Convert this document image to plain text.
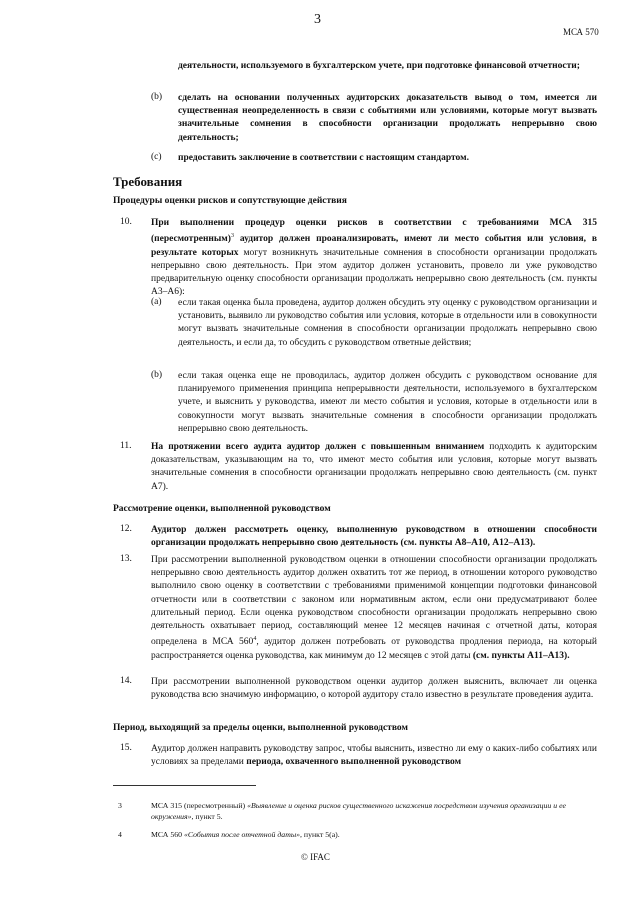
3
МСА 570
деятельности, используемого в бухгалтерском учете, при подготовке финансовой отчетности;
(b) сделать на основании полученных аудиторских доказательств вывод о том, имеется ли существенная неопределенность в связи с событиями или условиями, которые могут вызвать значительные сомнения в способности организации продолжать непрерывно свою деятельность;
(c) предоставить заключение в соответствии с настоящим стандартом.
Требования
Процедуры оценки рисков и сопутствующие действия
10. При выполнении процедур оценки рисков в соответствии с требованиями МСА 315 (пересмотренным)$^3$ аудитор должен проанализировать, имеют ли место события или условия, в результате которых могут возникнуть значительные сомнения в способности организации продолжать непрерывно свою деятельность. При этом аудитор должен установить, провело ли уже руководство предварительную оценку способности организации продолжать непрерывно свою деятельность (см. пункты А3–А6):
(a) если такая оценка была проведена, аудитор должен обсудить эту оценку с руководством организации и установить, выявило ли руководство события или условия, которые в отдельности или в совокупности могут вызвать значительные сомнения в способности организации продолжать непрерывно свою деятельность, и если да, то обсудить с руководством ответные действия;
(b) если такая оценка еще не проводилась, аудитор должен обсудить с руководством основание для планируемого применения принципа непрерывности деятельности, используемого в бухгалтерском учете, и выяснить у руководства, имеют ли место события и условия, которые в отдельности или в совокупности могут вызвать значительные сомнения в способности организации продолжать непрерывно свою деятельность.
11. На протяжении всего аудита аудитор должен с повышенным вниманием подходить к аудиторским доказательствам, указывающим на то, что имеют место события или условия, которые могут вызвать значительные сомнения в способности организации продолжать непрерывно свою деятельность (см. пункт А7).
Рассмотрение оценки, выполненной руководством
12. Аудитор должен рассмотреть оценку, выполненную руководством в отношении способности организации продолжать непрерывно свою деятельность (см. пункты А8–А10, А12–А13).
13. При рассмотрении выполненной руководством оценки в отношении способности организации продолжать непрерывно свою деятельность аудитор должен охватить тот же период, в отношении которого руководство выполнило свою оценку в соответствии с требованиями применимой концепции подготовки финансовой отчетности или в соответствии с законом или нормативным актом, если они предусматривают более длительный период. Если оценка руководством способности организации продолжать непрерывно свою деятельность охватывает период, составляющий менее 12 месяцев начиная с отчетной даты, которая определена в МСА $560^4$, аудитор должен потребовать от руководства продления периода, на который распространяется оценка руководства, как минимум до 12 месяцев с этой даты (см. пункты А11–А13).
14. При рассмотрении выполненной руководством оценки аудитор должен выяснить, включает ли оценка руководства всю значимую информацию, о которой аудитору стало известно в результате проведения аудита.
Период, выходящий за пределы оценки, выполненной руководством
15. Аудитор должен направить руководству запрос, чтобы выяснить, известно ли ему о каких-либо событиях или условиях за пределами периода, охваченного выполненной руководством
3	МСА 315 (пересмотренный) «Выявление и оценка рисков существенного искажения посредством изучения организации и ее окружения», пункт 5.
4	МСА 560 «События после отчетной даты», пункт 5(a).
© IFAC
